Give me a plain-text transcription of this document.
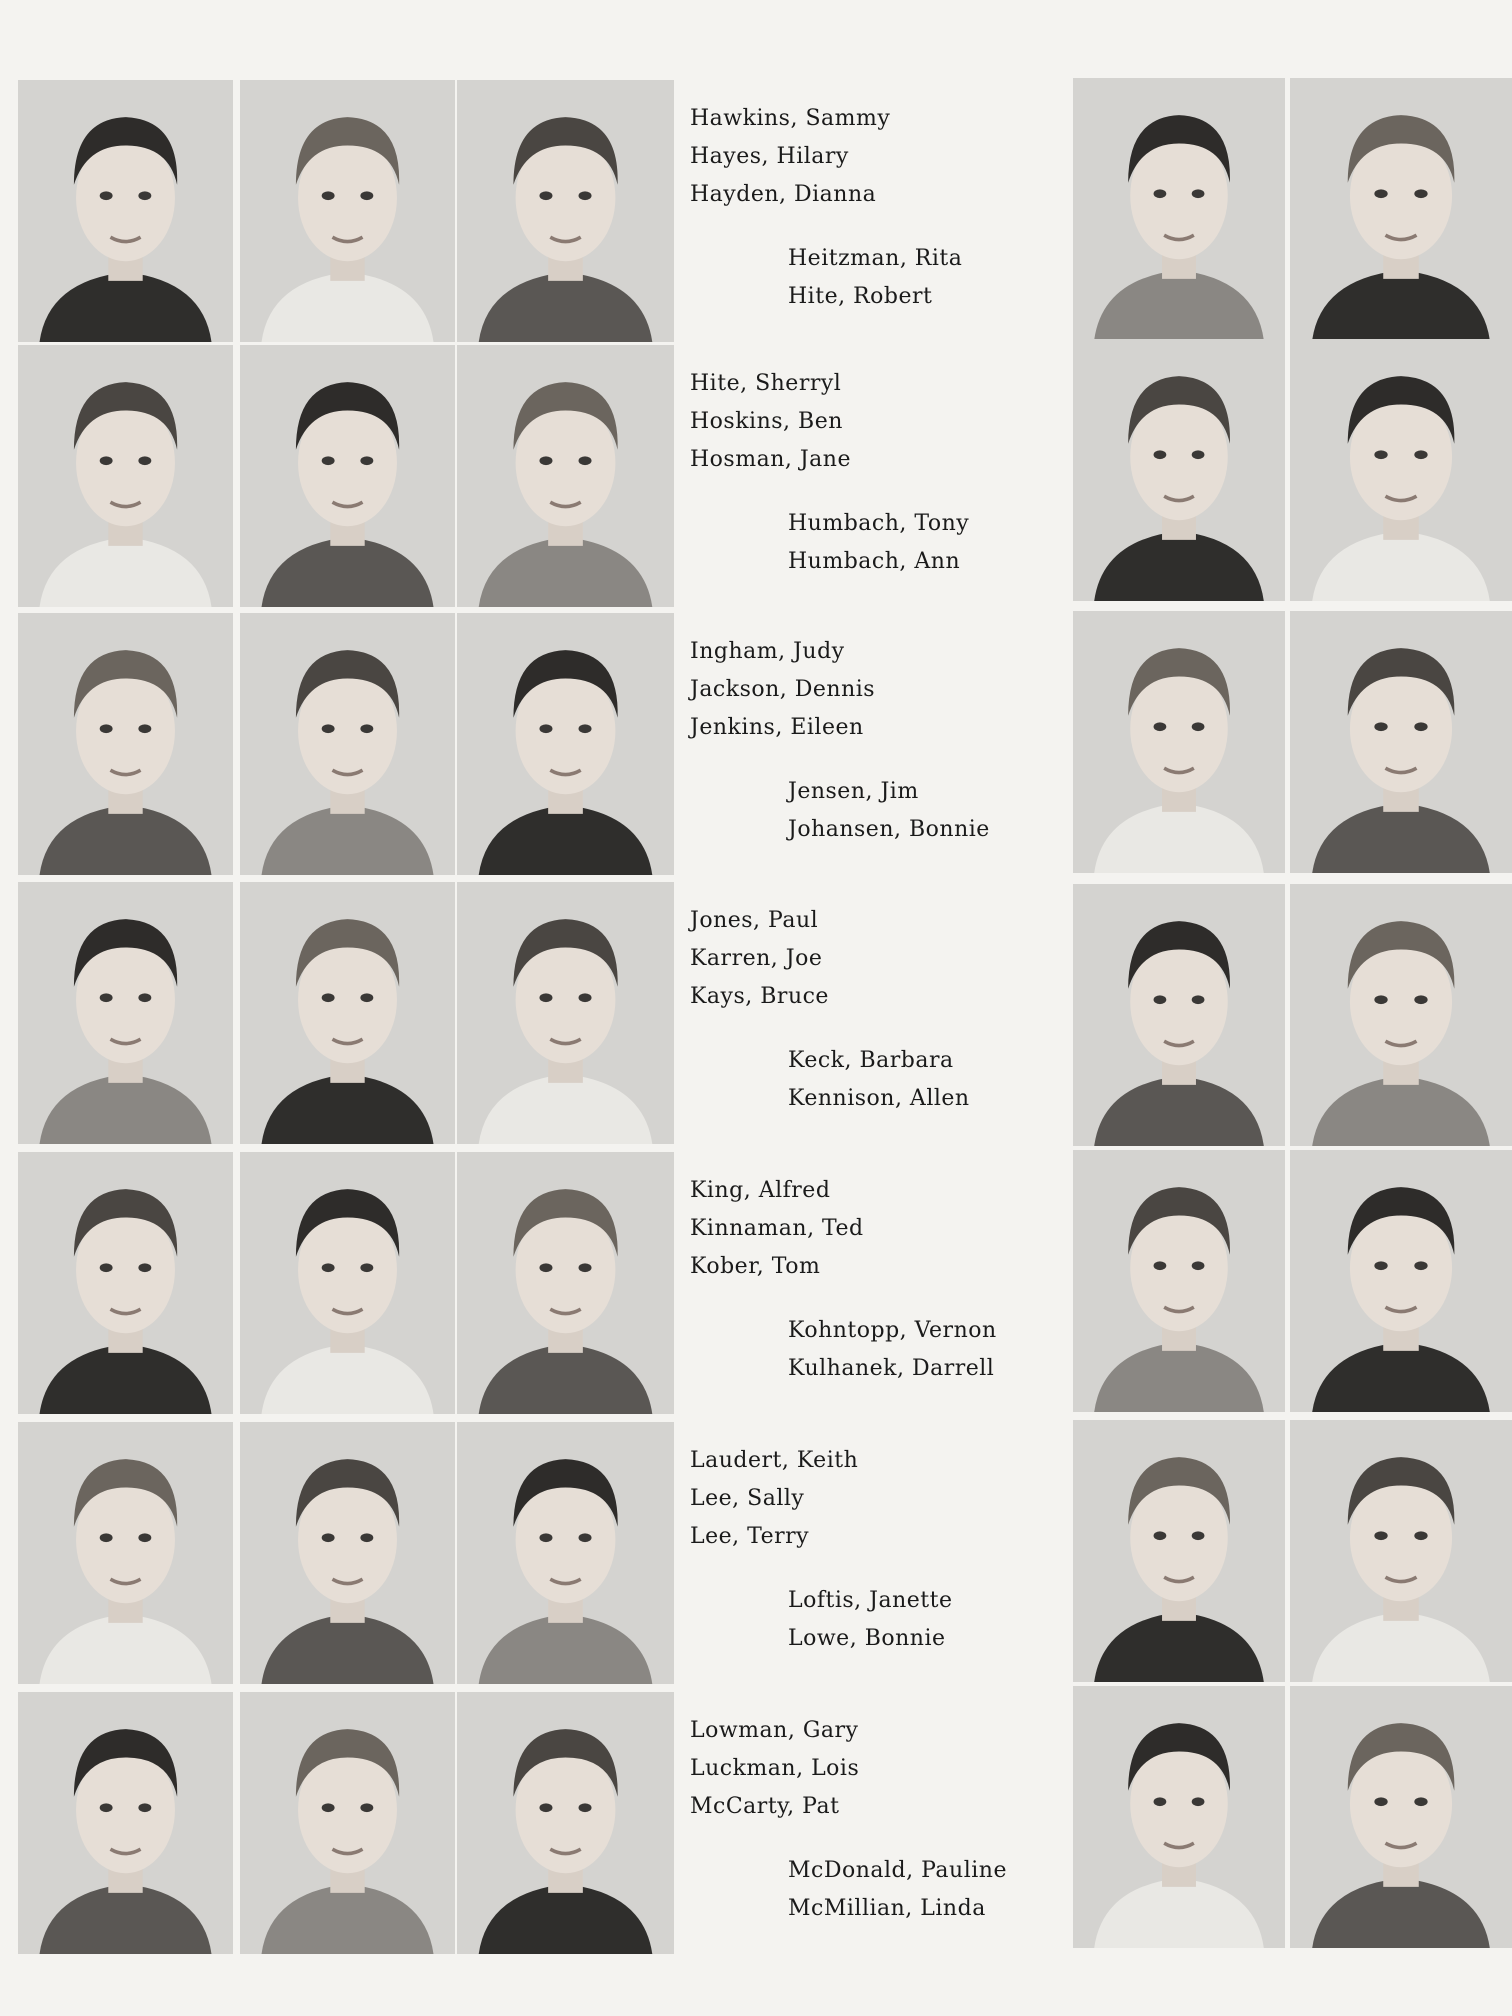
Hawkins, Sammy
Hayes, Hilary
Hayden, Dianna
Heitzman, Rita
Hite, Robert
Hite, Sherryl
Hoskins, Ben
Hosman, Jane
Humbach, Tony
Humbach, Ann
Ingham, Judy
Jackson, Dennis
Jenkins, Eileen
Jensen, Jim
Johansen, Bonnie
Jones, Paul
Karren, Joe
Kays, Bruce
Keck, Barbara
Kennison, Allen
King, Alfred
Kinnaman, Ted
Kober, Tom
Kohntopp, Vernon
Kulhanek, Darrell
Laudert, Keith
Lee, Sally
Lee, Terry
Loftis, Janette
Lowe, Bonnie
Lowman, Gary
Luckman, Lois
McCarty, Pat
McDonald, Pauline
McMillian, Linda
